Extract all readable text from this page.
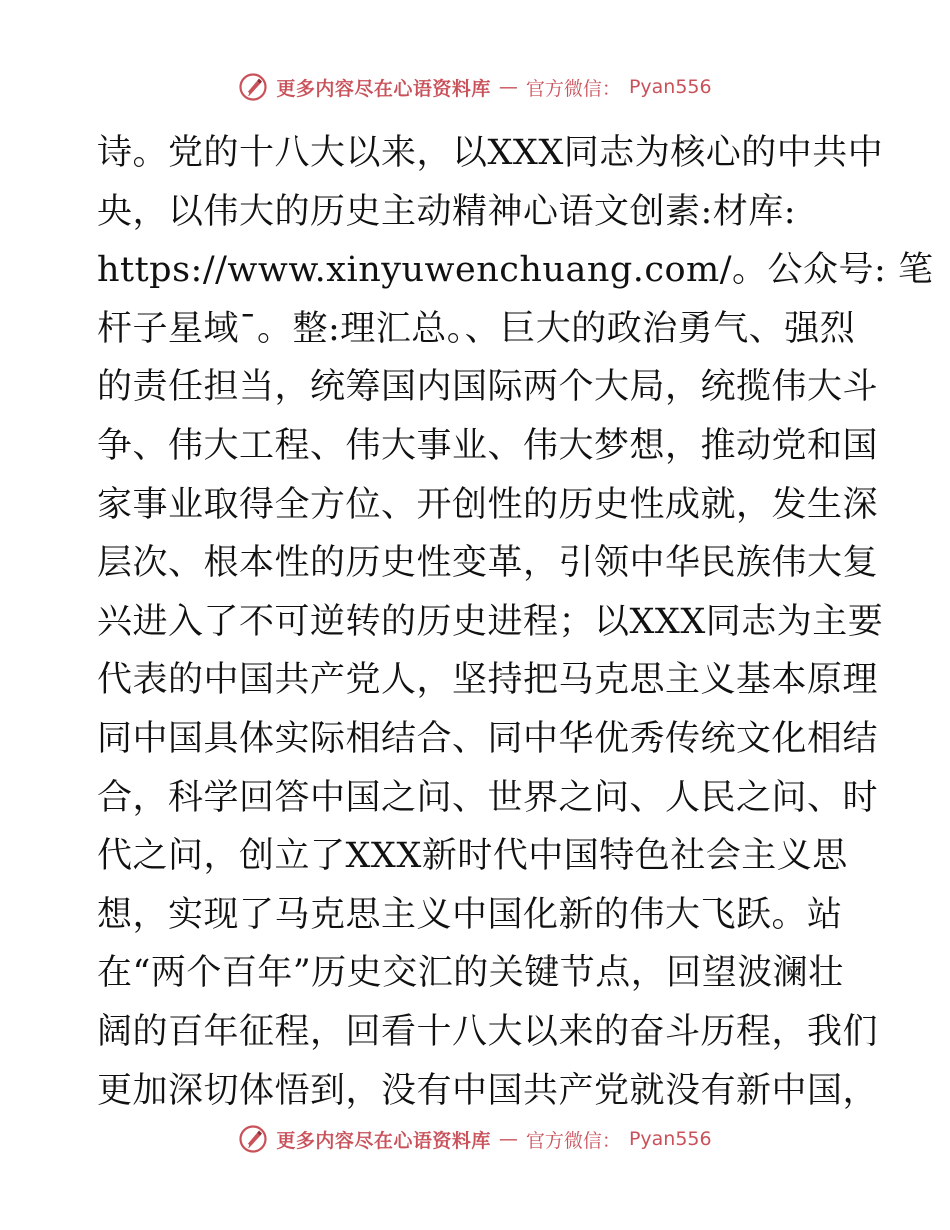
更多内容尽在心语资料库 — 官方微信： Pyan556
诗。党的十八大以来，以XXX同志为核心的中共中
央，以伟大的历史主动精神心语文创素:材库:
https://www.xinyuwenchuang.com/。公众号: 笔
杆子星域¯。整:理汇总。、巨大的政治勇气、强烈
的责任担当，统筹国内国际两个大局，统揽伟大斗
争、伟大工程、伟大事业、伟大梦想，推动党和国
家事业取得全方位、开创性的历史性成就，发生深
层次、根本性的历史性变革，引领中华民族伟大复
兴进入了不可逆转的历史进程；以XXX同志为主要
代表的中国共产党人，坚持把马克思主义基本原理
同中国具体实际相结合、同中华优秀传统文化相结
合，科学回答中国之问、世界之问、人民之问、时
代之问，创立了XXX新时代中国特色社会主义思
想，实现了马克思主义中国化新的伟大飞跃。站
在“两个百年”历史交汇的关键节点，回望波澜壮
阔的百年征程，回看十八大以来的奋斗历程，我们
更加深切体悟到，没有中国共产党就没有新中国，
更多内容尽在心语资料库 — 官方微信： Pyan556
